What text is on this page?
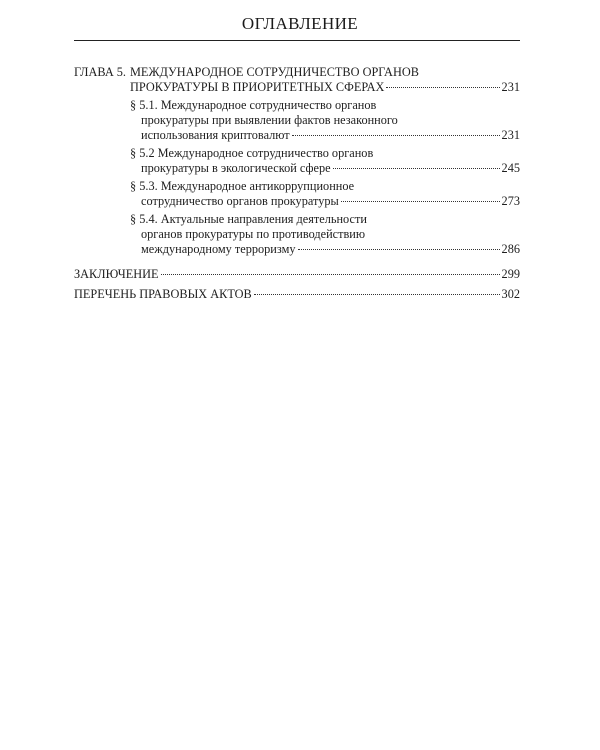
ОГЛАВЛЕНИЕ
ГЛАВА 5. МЕЖДУНАРОДНОЕ СОТРУДНИЧЕСТВО ОРГАНОВ
ПРОКУРАТУРЫ В ПРИОРИТЕТНЫХ СФЕРАХ	231
§ 5.1. Международное сотрудничество органов
прокуратуры при выявлении фактов незаконного
использования криптовалют	231
§ 5.2 Международное сотрудничество органов
прокуратуры в экологической сфере	245
§ 5.3. Международное антикоррупционное
сотрудничество органов прокуратуры	273
§ 5.4. Актуальные направления деятельности
органов прокуратуры по противодействию
международному терроризму	286
ЗАКЛЮЧЕНИЕ	299
ПЕРЕЧЕНЬ ПРАВОВЫХ АКТОВ	302
